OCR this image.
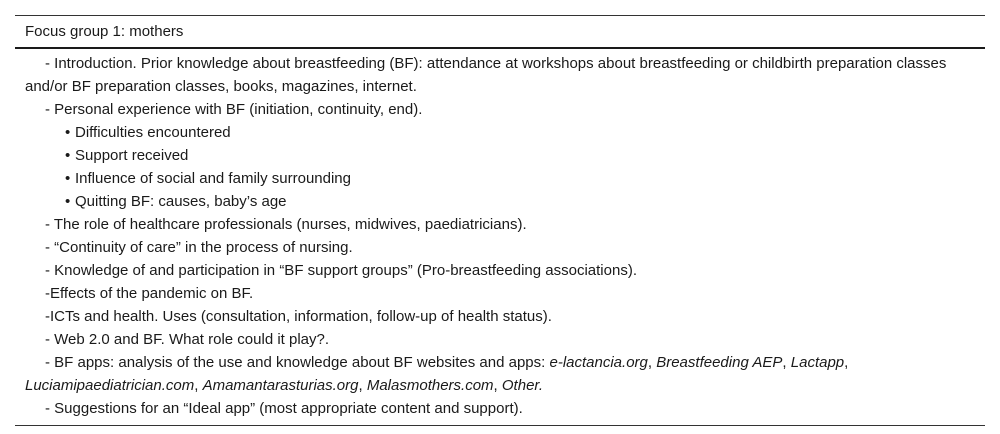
Focus group 1: mothers
- Introduction. Prior knowledge about breastfeeding (BF): attendance at workshops about breastfeeding or childbirth preparation classes and/or BF preparation classes, books, magazines, internet.
- Personal experience with BF (initiation, continuity, end).
• Difficulties encountered
• Support received
• Influence of social and family surrounding
• Quitting BF: causes, baby’s age
- The role of healthcare professionals (nurses, midwives, paediatricians).
- “Continuity of care” in the process of nursing.
- Knowledge of and participation in “BF support groups” (Pro-breastfeeding associations).
-Effects of the pandemic on BF.
-ICTs and health. Uses (consultation, information, follow-up of health status).
- Web 2.0 and BF. What role could it play?.
- BF apps: analysis of the use and knowledge about BF websites and apps: e-lactancia.org, Breastfeeding AEP, Lactapp, Luciamipaediatrician.com, Amamantarasturias.org, Malasmothers.com, Other.
- Suggestions for an “Ideal app” (most appropriate content and support).
